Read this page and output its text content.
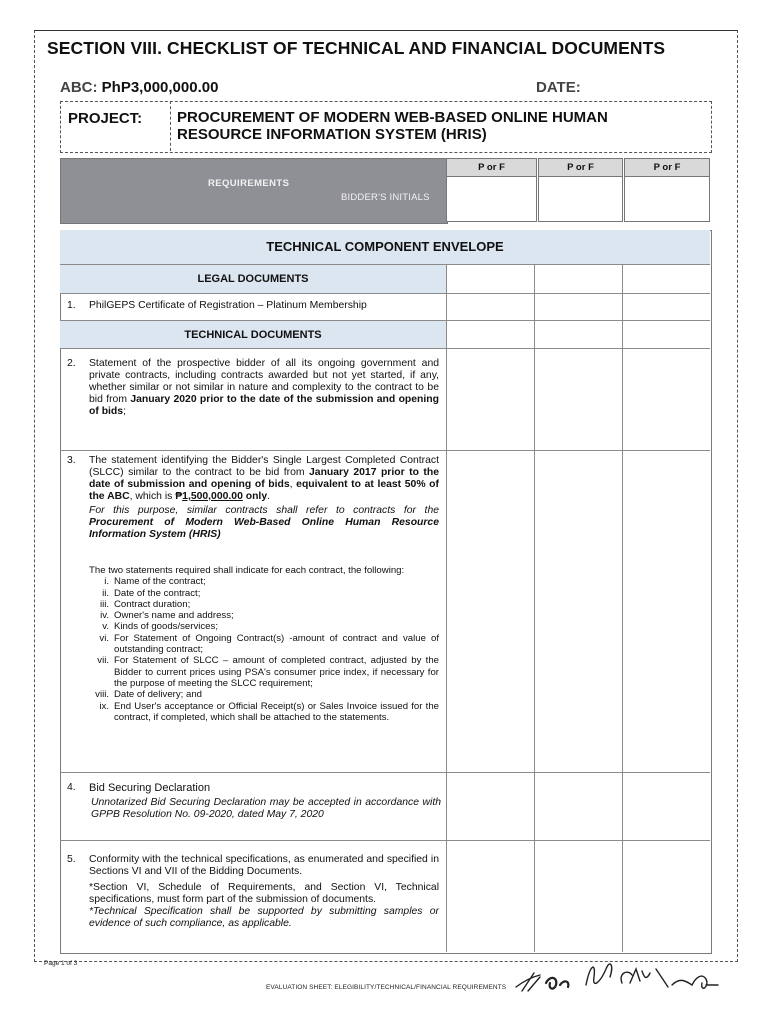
SECTION VIII. CHECKLIST OF TECHNICAL AND FINANCIAL DOCUMENTS
ABC: PhP3,000,000.00	DATE:
PROJECT: PROCUREMENT OF MODERN WEB-BASED ONLINE HUMAN
RESOURCE INFORMATION SYSTEM (HRIS)
REQUIREMENTS
BIDDER'S INITIALS
P or F	P or F	P or F
TECHNICAL COMPONENT ENVELOPE
LEGAL DOCUMENTS
1.	PhilGEPS Certificate of Registration – Platinum Membership
TECHNICAL DOCUMENTS
2.	Statement of the prospective bidder of all its ongoing government and private contracts, including contracts awarded but not yet started, if any, whether similar or not similar in nature and complexity to the contract to be bid from January 2020 prior to the date of the submission and opening of bids;
3.	The statement identifying the Bidder's Single Largest Completed Contract (SLCC) similar to the contract to be bid from January 2017 prior to the date of submission and opening of bids, equivalent to at least 50% of the ABC, which is ₱1,500,000.00 only.
For this purpose, similar contracts shall refer to contracts for the Procurement of Modern Web-Based Online Human Resource Information System (HRIS)
The two statements required shall indicate for each contract, the following:
i. Name of the contract;
ii. Date of the contract;
iii. Contract duration;
iv. Owner's name and address;
v. Kinds of goods/services;
vi. For Statement of Ongoing Contract(s) -amount of contract and value of outstanding contract;
vii. For Statement of SLCC – amount of completed contract, adjusted by the Bidder to current prices using PSA's consumer price index, if necessary for the purpose of meeting the SLCC requirement;
viii. Date of delivery; and
ix. End User's acceptance or Official Receipt(s) or Sales Invoice issued for the contract, if completed, which shall be attached to the statements.
4.	Bid Securing Declaration
Unnotarized Bid Securing Declaration may be accepted in accordance with GPPB Resolution No. 09-2020, dated May 7, 2020
5.	Conformity with the technical specifications, as enumerated and specified in Sections VI and VII of the Bidding Documents.
*Section VI, Schedule of Requirements, and Section VI, Technical specifications, must form part of the submission of documents.
*Technical Specification shall be supported by submitting samples or evidence of such compliance, as applicable.
Page 1 of 3
EVALUATION SHEET: ELEGIBILITY/TECHNICAL/FINANCIAL REQUIREMENTS
